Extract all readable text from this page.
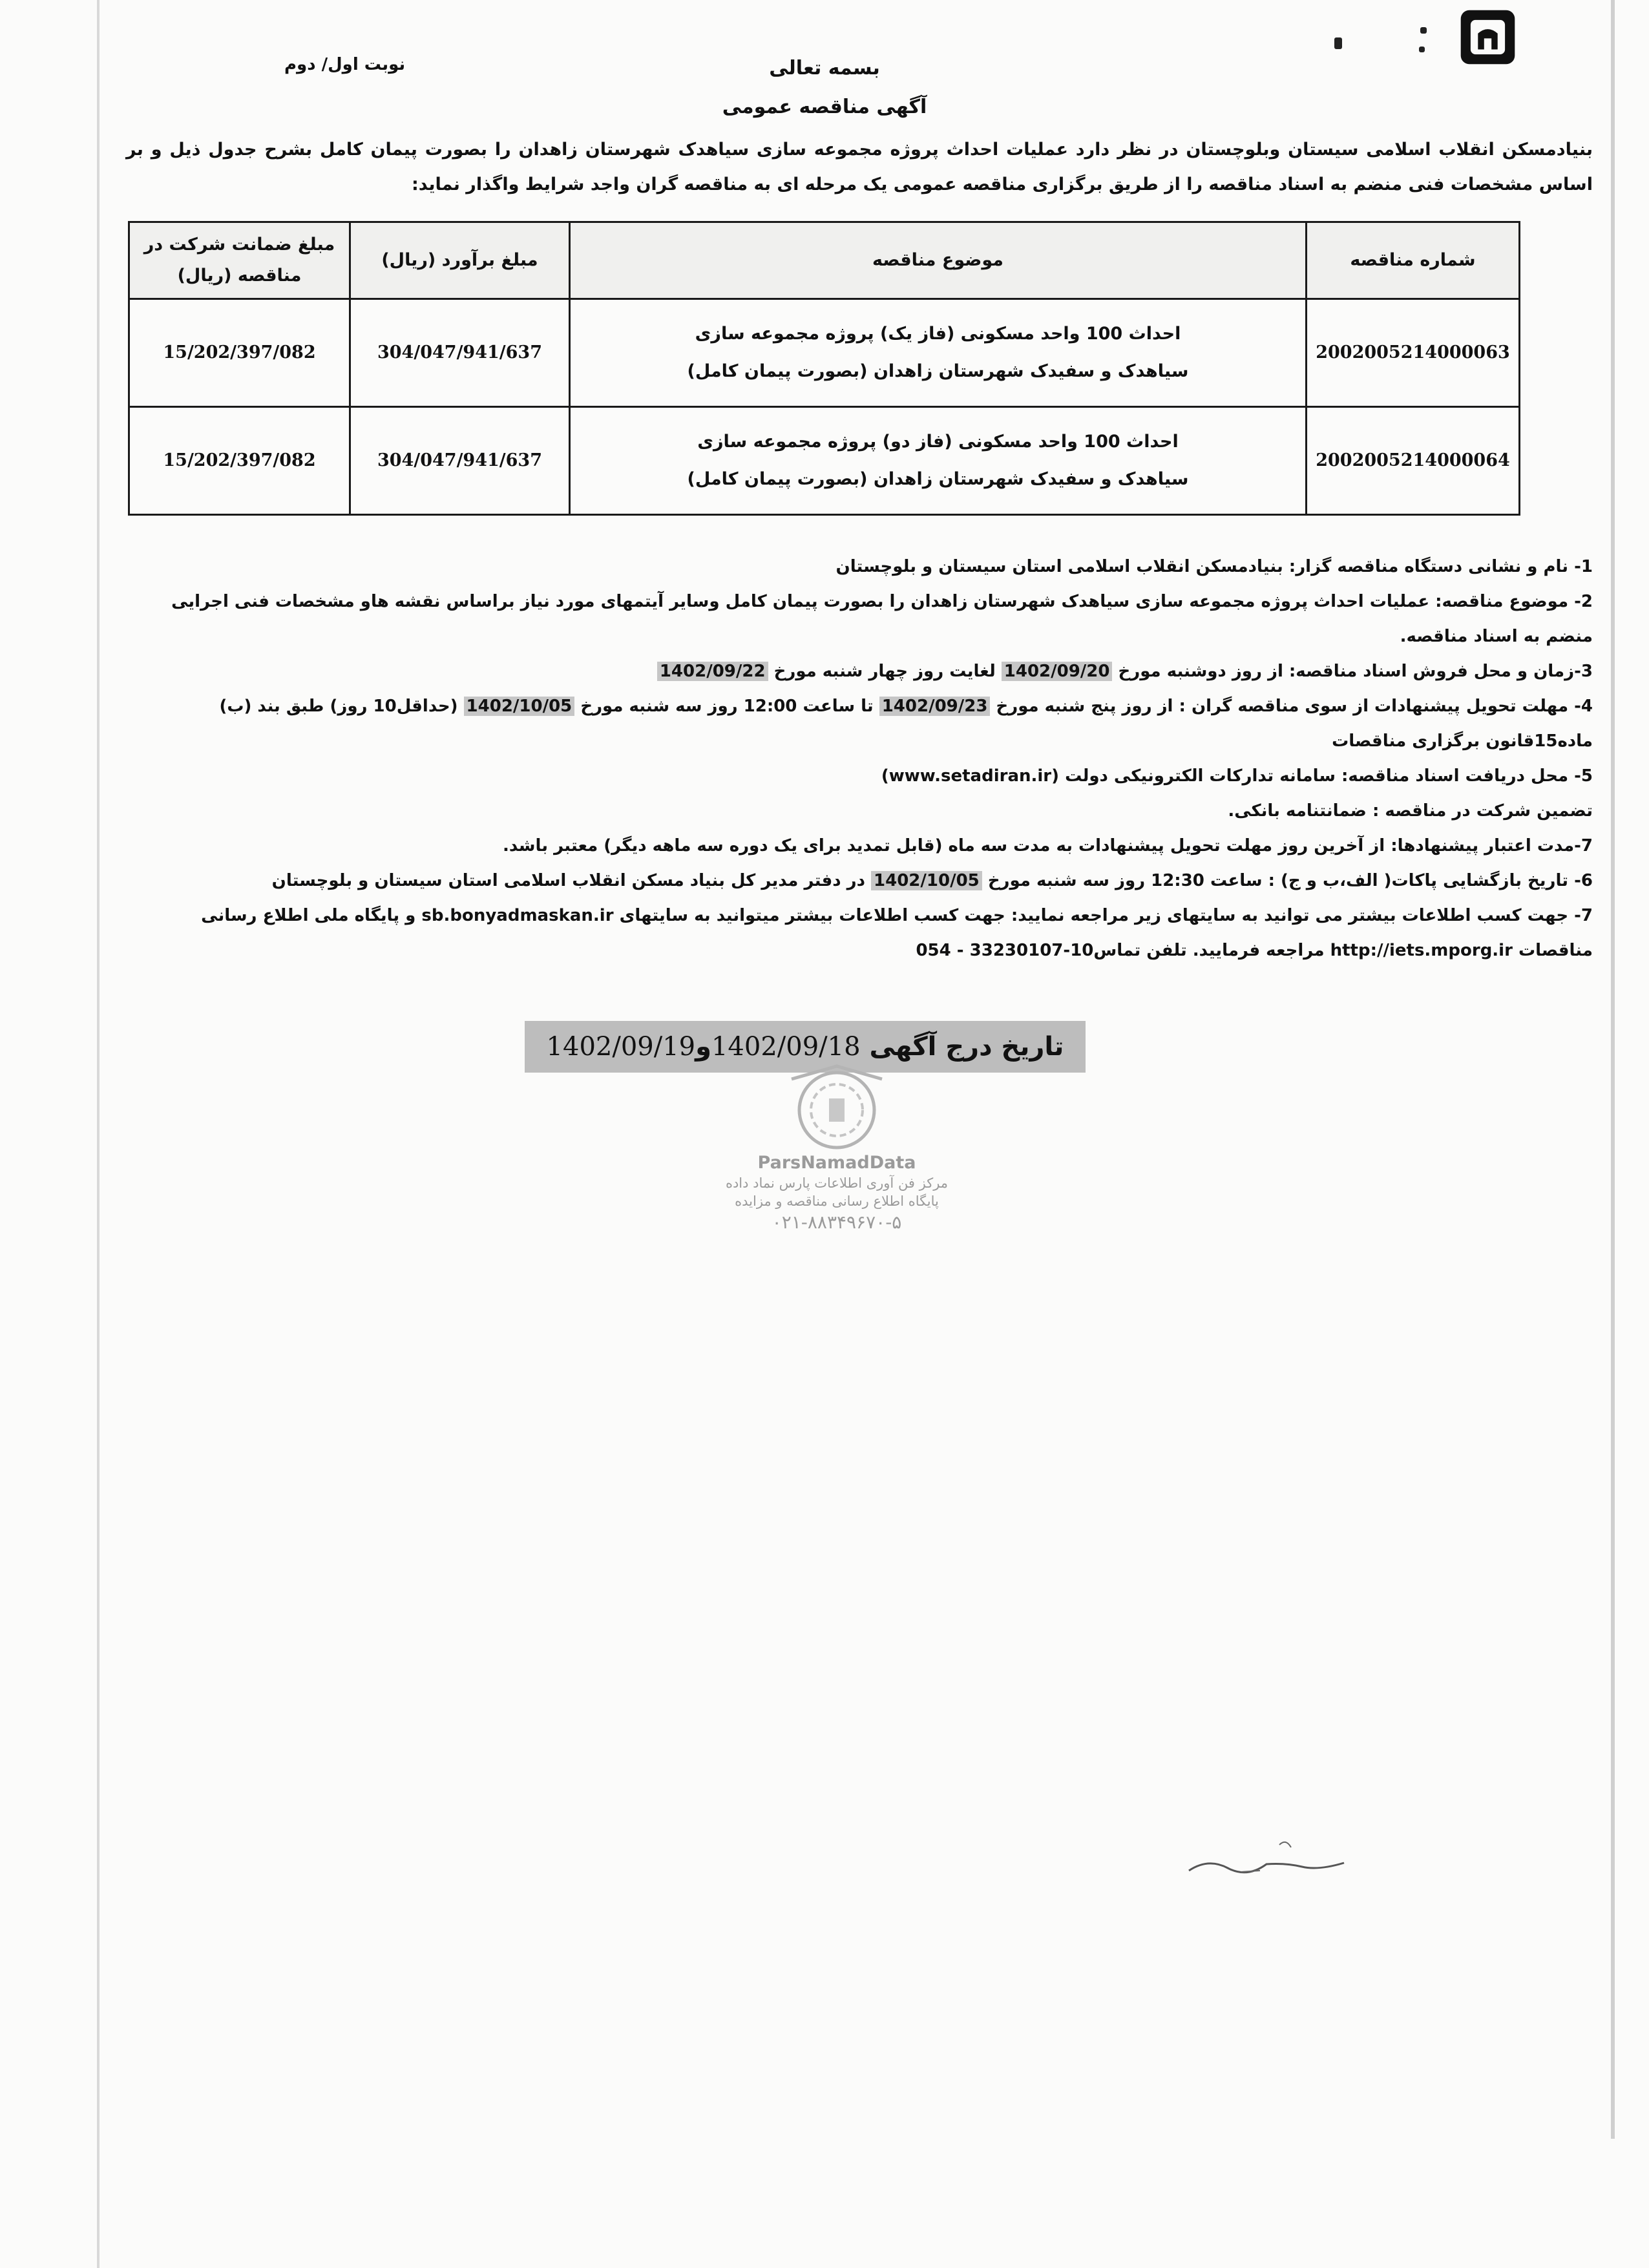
نوبت اول/ دوم	بسمه تعالی
آگهی مناقصه عمومی
بنیادمسکن انقلاب اسلامی سیستان وبلوچستان در نظر دارد عملیات احداث پروژه مجموعه سازی سیاهدک شهرستان زاهدان را بصورت پیمان کامل بشرح جدول ذیل و بر اساس مشخصات فنی منضم به اسناد مناقصه را از طریق برگزاری مناقصه عمومی یک مرحله ای به مناقصه گران واجد شرایط واگذار نماید:
شماره مناقصه	موضوع مناقصه	مبلغ برآورد (ریال)	مبلغ ضمانت شرکت در مناقصه (ریال)
2002005214000063	احداث 100 واحد مسکونی (فاز یک) پروژه مجموعه سازی
سیاهدک و سفیدک شهرستان زاهدان (بصورت پیمان کامل)	304/047/941/637	15/202/397/082
2002005214000064	احداث 100 واحد مسکونی (فاز دو) پروژه مجموعه سازی
سیاهدک و سفیدک شهرستان زاهدان (بصورت پیمان کامل)	304/047/941/637	15/202/397/082

1- نام و نشانی دستگاه مناقصه گزار: بنیادمسکن انقلاب اسلامی استان سیستان و بلوچستان

2- موضوع مناقصه: عملیات احداث پروژه مجموعه سازی سیاهدک شهرستان زاهدان را بصورت پیمان کامل وسایر آیتمهای مورد نیاز براساس نقشه هاو مشخصات فنی اجرایی منضم به اسناد مناقصه.

3-زمان و محل فروش اسناد مناقصه: از روز دوشنبه مورخ 1402/09/20 لغایت روز چهار شنبه مورخ 1402/09/22

4- مهلت تحویل پیشنهادات از سوی مناقصه گران : از روز پنج شنبه مورخ 1402/09/23 تا ساعت 12:00 روز سه شنبه مورخ 1402/10/05 (حداقل10 روز) طبق بند (ب) ماده15قانون برگزاری مناقصات

5- محل دریافت اسناد مناقصه: سامانه تدارکات الکترونیکی دولت (www.setadiran.ir)

تضمین شرکت در مناقصه : ضمانتنامه بانکی.

7-مدت اعتبار پیشنهادها: از آخرین روز مهلت تحویل پیشنهادات به مدت سه ماه (قابل تمدید برای یک دوره سه ماهه دیگر) معتبر باشد.

6- تاریخ بازگشایی پاکات( الف،ب و ج) : ساعت 12:30 روز سه شنبه مورخ 1402/10/05 در دفتر مدیر کل بنیاد مسکن انقلاب اسلامی استان سیستان و بلوچستان

7- جهت کسب اطلاعات بیشتر می توانید به سایتهای زیر مراجعه نمایید: جهت کسب اطلاعات بیشتر میتوانید به سایتهای sb.bonyadmaskan.ir و پایگاه ملی اطلاع رسانی مناقصات http://iets.mporg.ir مراجعه فرمایید. تلفن تماس10-33230107 - 054

تاریخ درج آگهی 1402/09/18و1402/09/19
ParsNamadData
مرکز فن آوری اطلاعات پارس نماد داده
پایگاه اطلاع رسانی مناقصه و مزایده
۰۲۱-۸۸۳۴۹۶۷۰-۵
